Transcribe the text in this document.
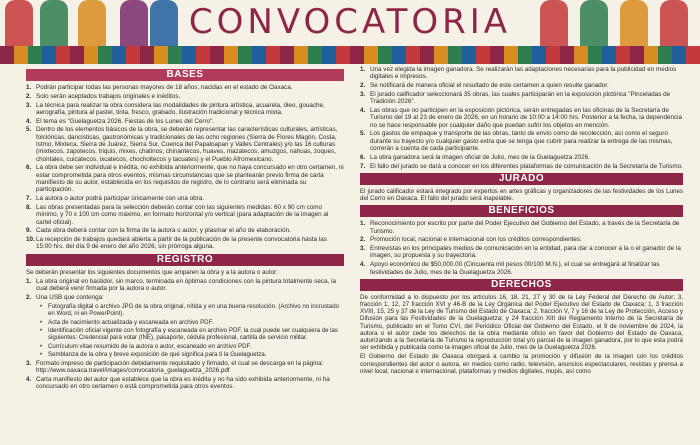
CONVOCATORIA
BASES
1. Podrán participar todas las personas mayores de 18 años, nacidas en el estado de Oaxaca.
2. Solo serán aceptados trabajos originales e inéditos.
3. La técnica para realizar la obra considera las modalidades de pintura artística, acuarela, óleo, gouache, aerografía, pintura al pastel, tinta, fresco, grabado, ilustración tradicional y técnica mixta.
4. El tema es "Guelaguetza 2026. Fiestas de los Lunes del Cerro".
5. Dentro de los elementos básicos de la obra, se deberán representar las características culturales, artísticas, folclóricas, dancísticas, gastronómicas y tradicionales de las ocho regiones (Sierra de Flores Magón, Costa, Istmo, Mixteca, Sierra de Juárez, Sierra Sur, Cuenca del Papaloapan y Valles Centrales) y/o las 16 culturas (mixtecos, zapotecos, triquis, mixes, chatinos, chinantecos, huaves, mazatecos, amuzgos, nahuas, zoques, chontales, cuicatecos, ixcatecos, chocholtecos y tacuates) y el Pueblo Afromexicano.
6. La obra debe ser individual e inédita, no exhibida anteriormente, que no haya concursado en otro certamen, ni estar comprometida para otros eventos, mismas circunstancias que se plantearán previo firma de carta manifiesto de su autor, establecida en los requisitos de registro, de lo contrario será eliminada su participación.
7. La autora o autor podrá participar únicamente con una obra.
8. Las obras presentadas para la selección deberán contar con las siguientes medidas: 60 x 90 cm como mínimo, y 70 x 100 cm como máximo, en formato horizontal y/o vertical (para adaptación de la imagen al cartel oficial).
9. Cada obra deberá contar con la firma de la autora o autor, y plasmar el año de elaboración.
10. La recepción de trabajos quedará abierta a partir de la publicación de la presente convocatoria hasta las 15:00 hrs. del día 9 de enero del año 2026, sin prórroga alguna.
REGISTRO
Se deberán presentar los siguientes documentos que amparen la obra y a la autora o autor:
1. La obra original en bastidor, sin marco, terminada en óptimas condiciones con la pintura totalmente seca, la cual deberá venir firmada por la autora o autor.
2. Una USB que contenga:
• Fotografía digital o archivo JPG de la obra original, nítida y en una buena resolución. (Archivo no incrustado en Word, ni en PowerPoint).
• Acta de nacimiento actualizada y escaneada en archivo PDF.
• Identificación oficial vigente con fotografía y escaneada en archivo PDF, la cual puede ser cualquiera de las siguientes: Credencial para votar (INE), pasaporte, cédula profesional, cartilla de servicio militar.
• Currículum vitae resumido de la autora o autor, escaneado en archivo PDF.
• Semblanza de la obra y breve exposición de qué significa para ti la Guelaguetza.
3. Formato impreso de participación debidamente requisitado y firmado, el cual se descarga en la página: http://www.oaxaca.travel/images/convocatoria_guelaguetza_2026.pdf
4. Carta manifiesto del autor que establece que la obra es inédita y no ha sido exhibida anteriormente, ni ha concursado en otro certamen o está comprometida para otros eventos.
1. Una vez elegida la imagen ganadora. Se realizarán las adaptaciones necesarias para la publicidad en medios digitales e impresos.
2. Se notificará de manera oficial el resultado de este certamen a quien resulte ganador.
3. El jurado calificador seleccionará 35 obras, las cuales participarán en la exposición pictórica "Pinceladas de Tradición 2026".
4. Las obras que no participen en la exposición pictórica, serán entregadas en las oficinas de la Secretaría de Turismo del 19 al 23 de enero de 2026, en un horario de 10:00 a 14:00 hrs. Posterior a la fecha, la dependencia no se hace responsable por cualquier daño que puedan sufrir los objetos en mención.
5. Los gastos de empaque y transporte de las obras, tanto de envío como de recolección, así como el seguro durante su trayecto y/o cualquier gasto extra que se tenga que cubrir para realizar la entrega de las mismas, correrán a cuenta de cada participante.
6. La obra ganadora será la imagen oficial de Julio, mes de la Guelaguetza 2026.
7. El fallo del jurado se dará a conocer en los diferentes plataformas de comunicación de la Secretaría de Turismo.
JURADO
El jurado calificador estará integrado por expertos en artes gráficas y organizadores de las festividades de los Lunes del Cerro en Oaxaca. El fallo del jurado será inapelable.
BENEFICIOS
1. Reconocimiento por escrito por parte del Poder Ejecutivo del Gobierno del Estado, a través de la Secretaría de Turismo.
2. Promoción local, nacional e internacional con los créditos correspondientes.
3. Entrevistas en los principales medios de comunicación en la entidad, para dar a conocer a la o el ganador de la imagen, su propuesta y su trayectoria.
4. Apoyo económico de $50,000.00 (Cincuenta mil pesos 00/100 M.N.), el cual se entregará al finalizar las festividades de Julio, mes de la Guelaguetza 2026.
DERECHOS
De conformidad a lo dispuesto por los artículos 16, 18, 21, 27 y 30 de la Ley Federal del Derecho de Autor; 3, fracción 1, 12, 27 fracción XVI y 46-B de la Ley Orgánica del Poder Ejecutivo del Estado de Oaxaca; 1, 3 fracción XVIII, 15, 25 y 37 de la Ley de Turismo del Estado de Oaxaca; 2, fracción V, 7 y 16 de la Ley de Protección, Acceso y Difusión para las Festividades de la Guelaguetza; y 24 fracción XIII del Reglamento Interno de la Secretaría de Turismo, publicado en el Tomo CVI, del Periódico Oficial del Gobierno del Estado, el 9 de noviembre de 2024, la autora o el autor cede los derechos de la obra mediante oficio en favor del Gobierno del Estado de Oaxaca, autorizando a la Secretaría de Turismo la reproducción total y/o parcial de la imagen ganadora, por lo que esta podrá ser exhibida y publicada como la imagen oficial de Julio, mes de la Guelaguetza 2026.
El Gobierno del Estado de Oaxaca otorgará a cambio la promoción y difusión de la imagen con los créditos correspondientes del autor o autora, en medios como radio, televisión, anuncios espectaculares, revistas y prensa a nivel local, nacional e internacional, plataformas y medios digitales, mupis, así como
